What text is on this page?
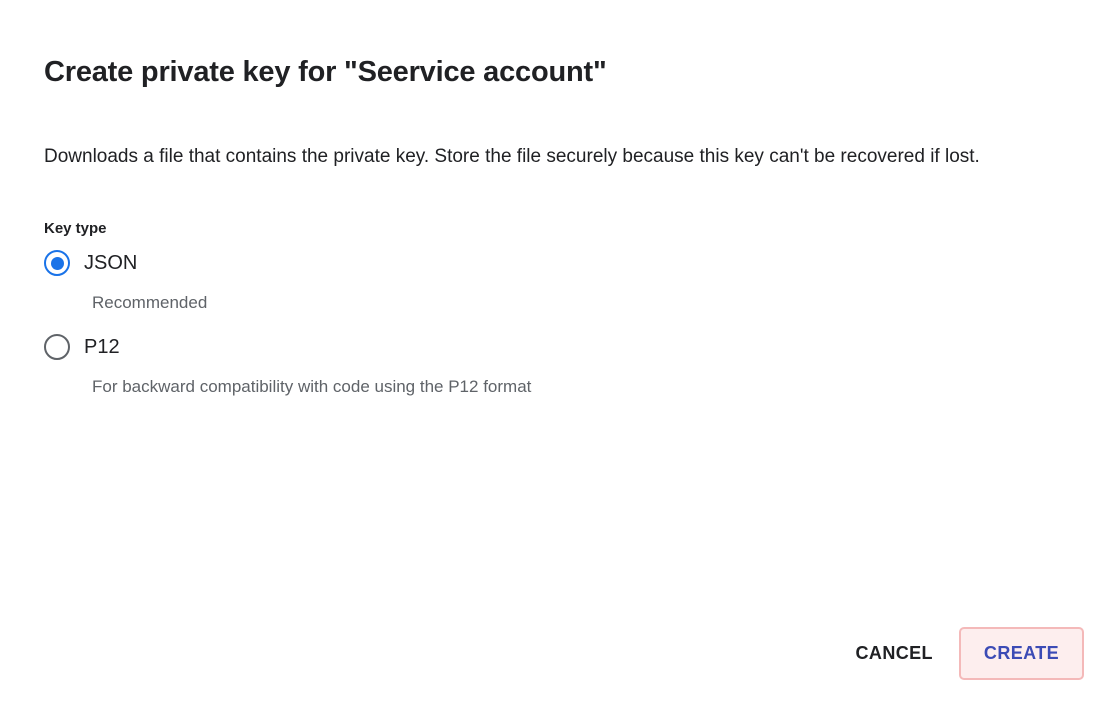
Create private key for "Seervice account"

Downloads a file that contains the private key. Store the file securely because this key can't be recovered if lost.

Key type
JSON
Recommended
P12
For backward compatibility with code using the P12 format
CANCEL	CREATE
